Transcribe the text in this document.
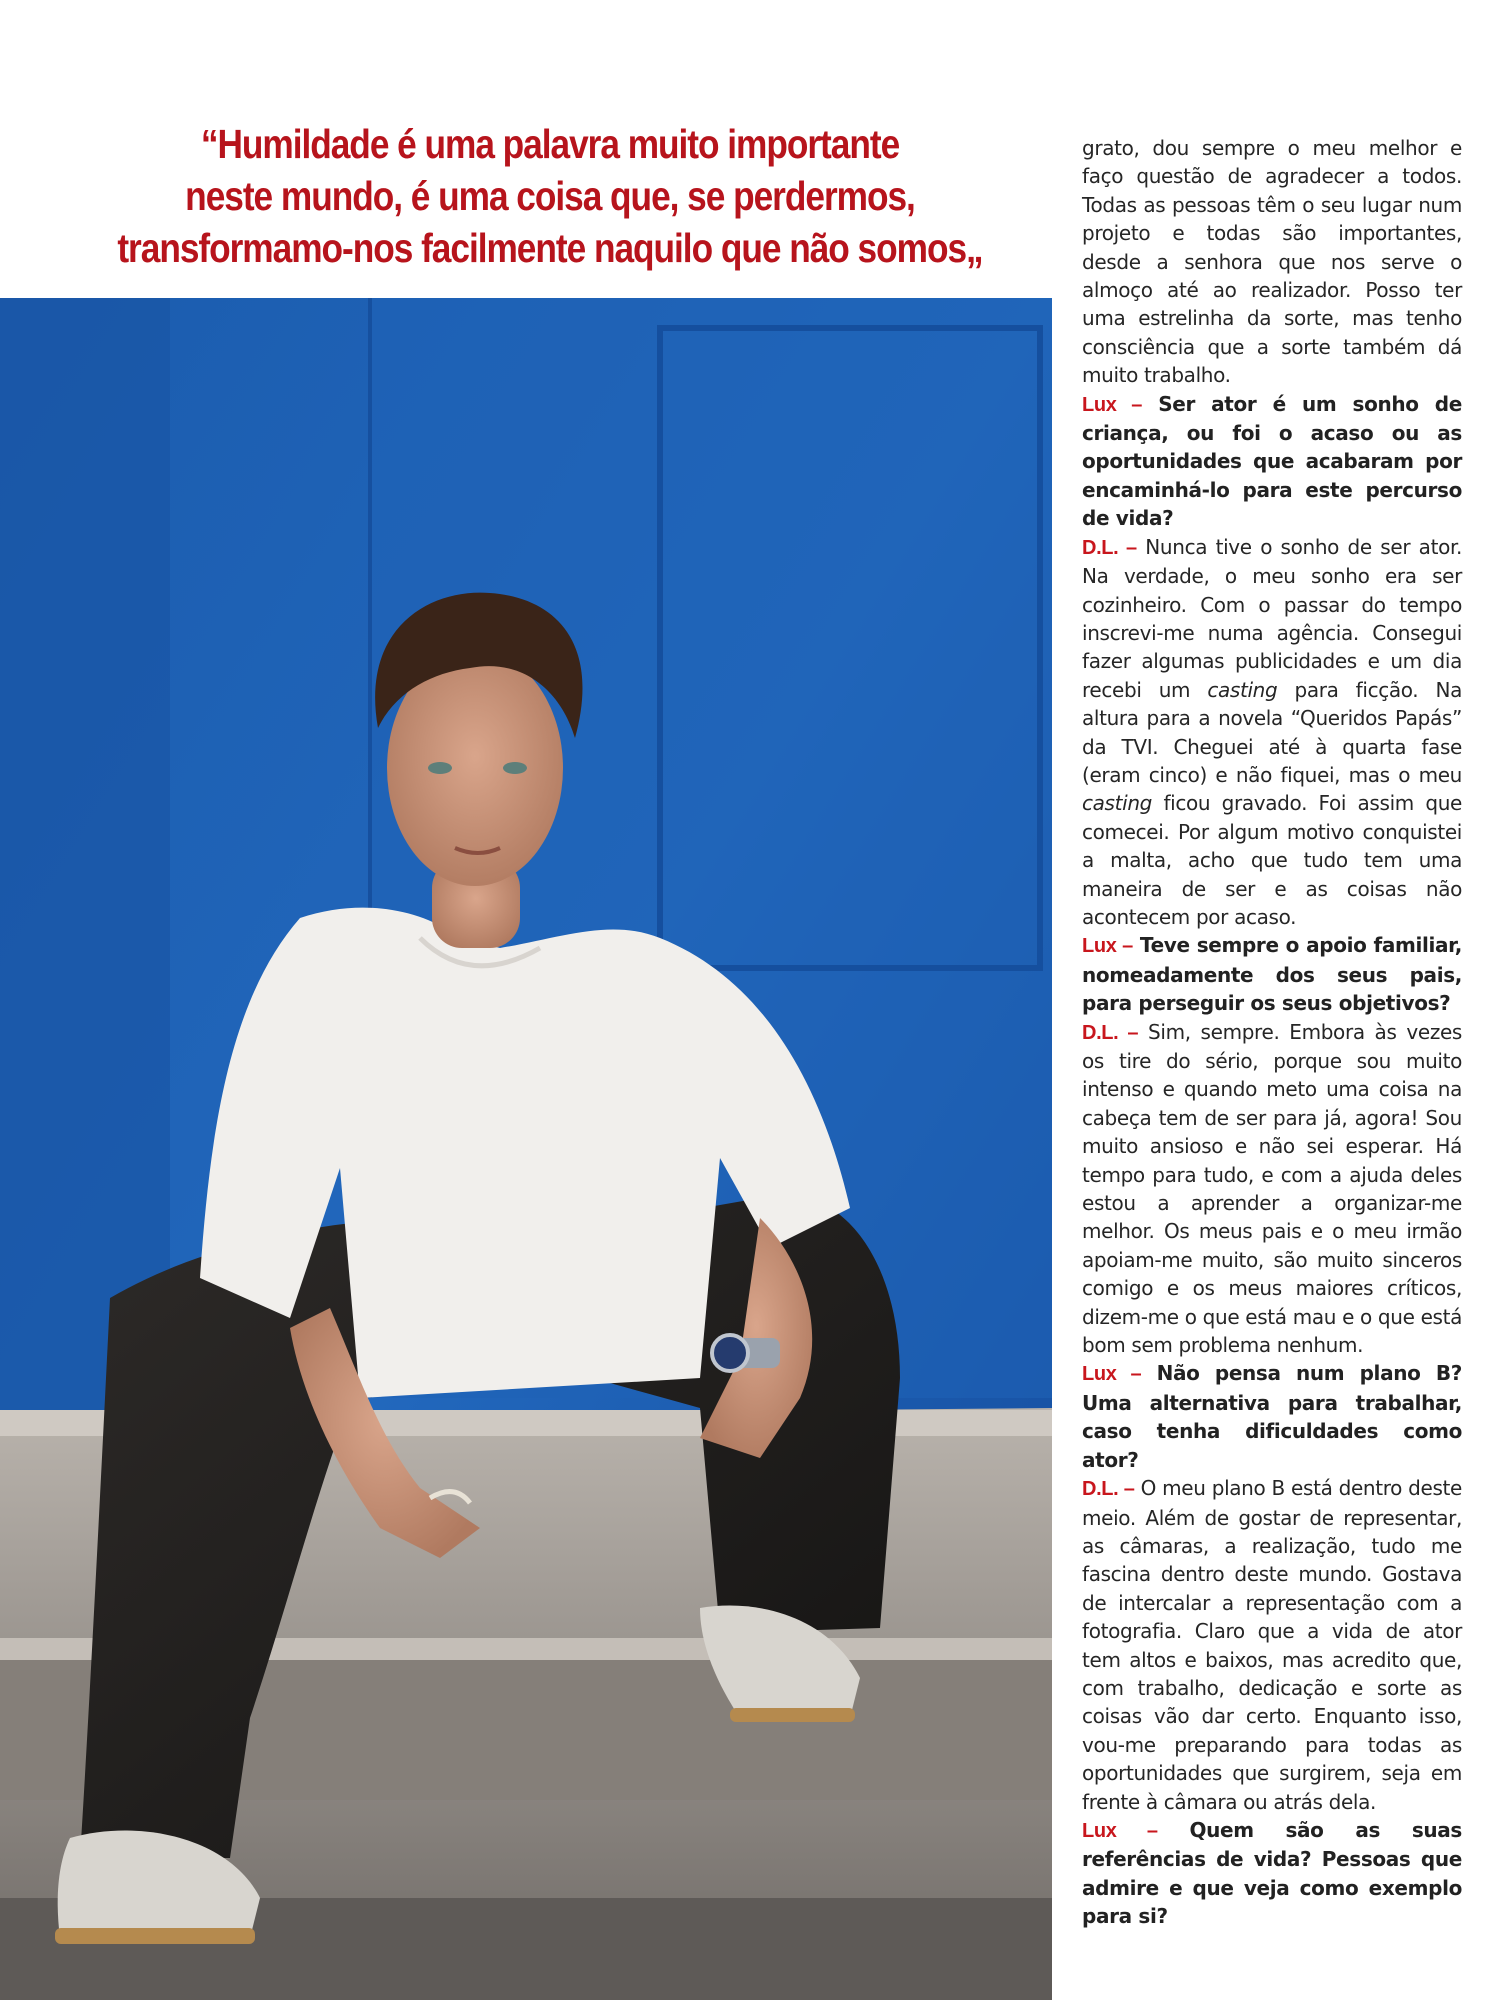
“Humildade é uma palavra muito importante
neste mundo, é uma coisa que, se perdermos,
transformamo-nos facilmente naquilo que não somos„

grato, dou sempre o meu melhor e faço questão de agradecer a todos. Todas as pessoas têm o seu lugar num projeto e todas são importantes, desde a senhora que nos serve o almoço até ao realizador. Posso ter uma estrelinha da sorte, mas tenho consciência que a sorte também dá muito trabalho.

Lux – Ser ator é um sonho de criança, ou foi o acaso ou as oportunidades que acabaram por encaminhá-lo para este percurso de vida?

D.L. – Nunca tive o sonho de ser ator. Na verdade, o meu sonho era ser cozinheiro. Com o passar do tempo inscrevi-me numa agência. Consegui fazer algumas publicidades e um dia recebi um casting para ficção. Na altura para a novela “Queridos Papás” da TVI. Cheguei até à quarta fase (eram cinco) e não fiquei, mas o meu casting ficou gravado. Foi assim que comecei. Por algum motivo conquistei a malta, acho que tudo tem uma maneira de ser e as coisas não acontecem por acaso.

Lux – Teve sempre o apoio familiar, nomeadamente dos seus pais, para perseguir os seus objetivos?

D.L. – Sim, sempre. Embora às vezes os tire do sério, porque sou muito intenso e quando meto uma coisa na cabeça tem de ser para já, agora! Sou muito ansioso e não sei esperar. Há tempo para tudo, e com a ajuda deles estou a aprender a organizar-me melhor. Os meus pais e o meu irmão apoiam-me muito, são muito sinceros comigo e os meus maiores críticos, dizem-me o que está mau e o que está bom sem problema nenhum.

Lux – Não pensa num plano B? Uma alternativa para trabalhar, caso tenha dificuldades como ator?

D.L. – O meu plano B está dentro deste meio. Além de gostar de representar, as câmaras, a realização, tudo me fascina dentro deste mundo. Gostava de intercalar a representação com a fotografia. Claro que a vida de ator tem altos e baixos, mas acredito que, com trabalho, dedicação e sorte as coisas vão dar certo. Enquanto isso, vou-me preparando para todas as oportunidades que surgirem, seja em frente à câmara ou atrás dela.

Lux – Quem são as suas referências de vida? Pessoas que admire e que veja como exemplo para si?
